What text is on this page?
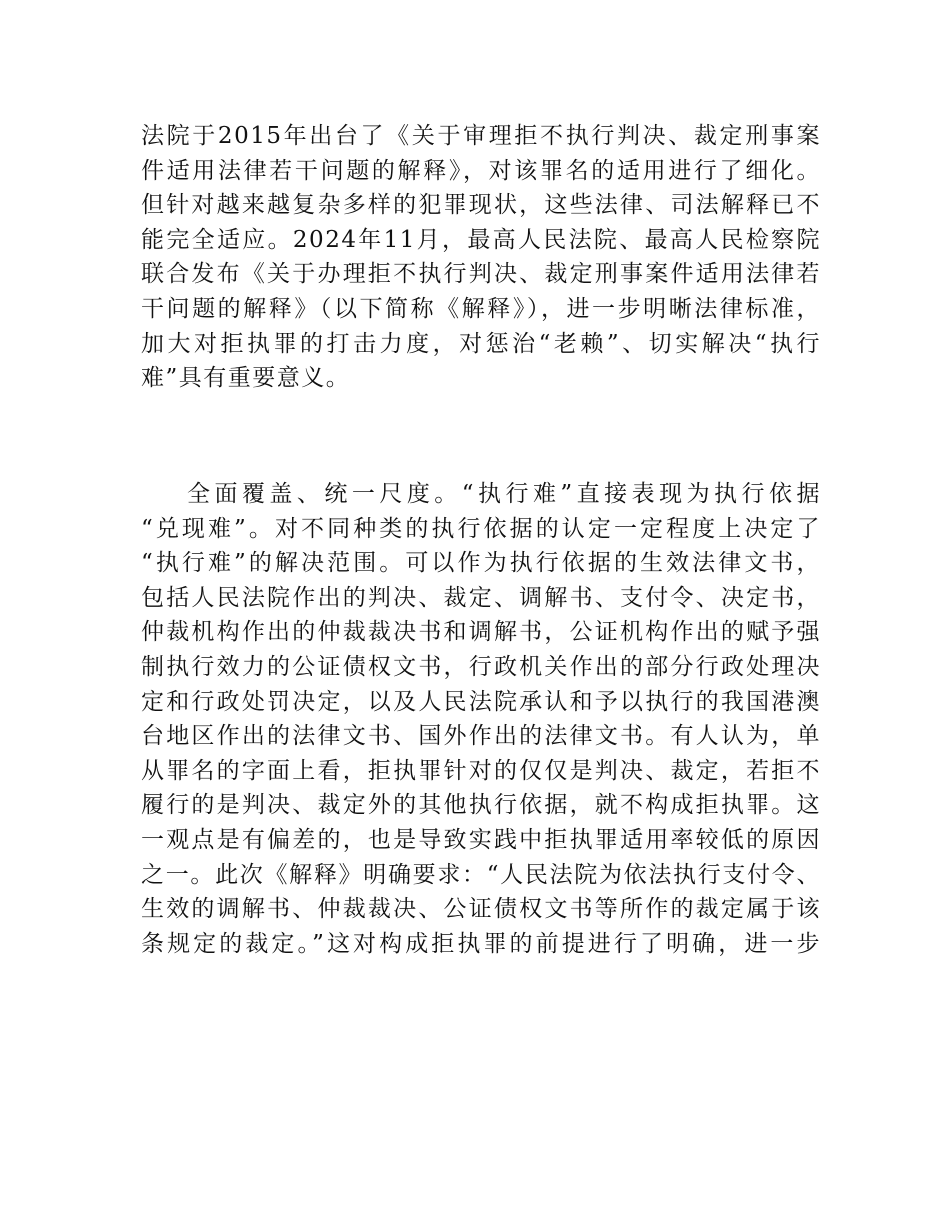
法院于2015年出台了《关于审理拒不执行判决、裁定刑事案
件适用法律若干问题的解释》，对该罪名的适用进行了细化。
但针对越来越复杂多样的犯罪现状，这些法律、司法解释已不
能完全适应。2024年11月，最高人民法院、最高人民检察院
联合发布《关于办理拒不执行判决、裁定刑事案件适用法律若
干问题的解释》（以下简称《解释》），进一步明晰法律标准，
加大对拒执罪的打击力度，对惩治“老赖”、切实解决“执行
难”具有重要意义。
全面覆盖、统一尺度。“执行难”直接表现为执行依据
“兑现难”。对不同种类的执行依据的认定一定程度上决定了
“执行难”的解决范围。可以作为执行依据的生效法律文书，
包括人民法院作出的判决、裁定、调解书、支付令、决定书，
仲裁机构作出的仲裁裁决书和调解书，公证机构作出的赋予强
制执行效力的公证债权文书，行政机关作出的部分行政处理决
定和行政处罚决定，以及人民法院承认和予以执行的我国港澳
台地区作出的法律文书、国外作出的法律文书。有人认为，单
从罪名的字面上看，拒执罪针对的仅仅是判决、裁定，若拒不
履行的是判决、裁定外的其他执行依据，就不构成拒执罪。这
一观点是有偏差的，也是导致实践中拒执罪适用率较低的原因
之一。此次《解释》明确要求：“人民法院为依法执行支付令、
生效的调解书、仲裁裁决、公证债权文书等所作的裁定属于该
条规定的裁定。”这对构成拒执罪的前提进行了明确，进一步
